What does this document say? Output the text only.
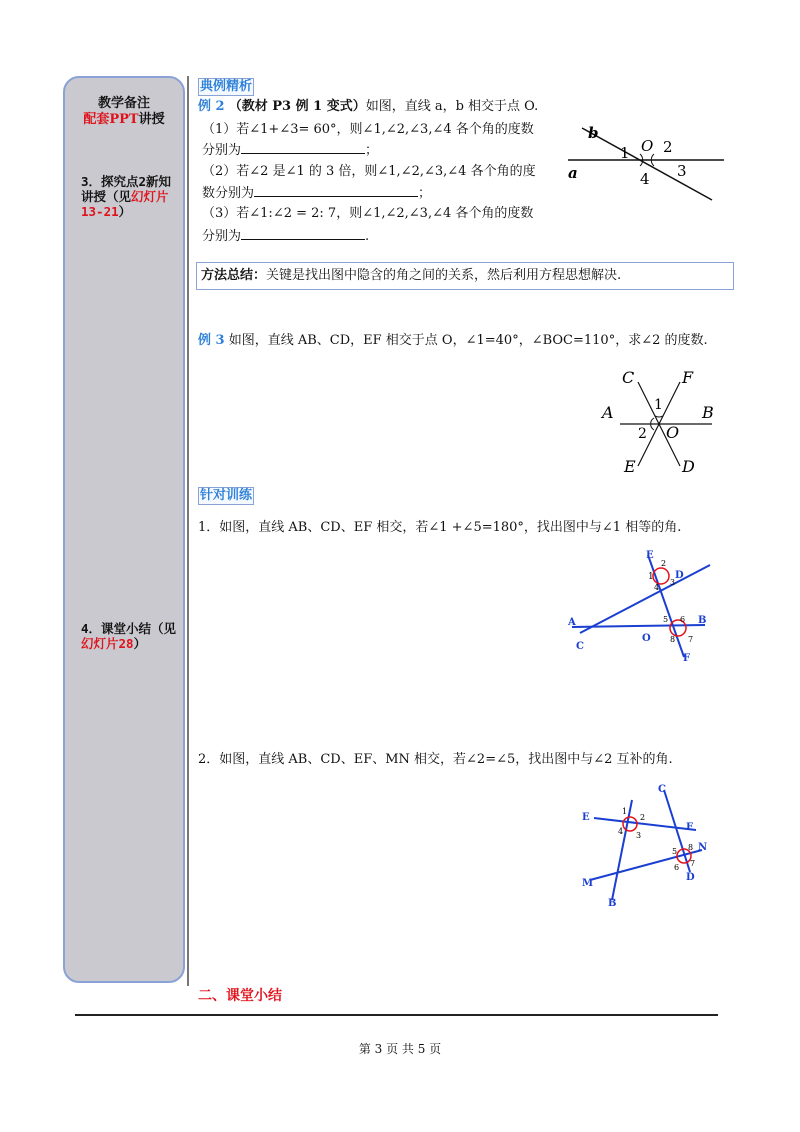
教学备注
配套PPT讲授
3．探究点2新知讲授（见幻灯片13-21）
4．课堂小结（见幻灯片28）
典例精析
例 2 （教材 P3 例 1 变式）如图，直线 a，b 相交于点 O.
（1）若∠1+∠3= 60°，则∠1,∠2,∠3,∠4 各个角的度数
分别为	；
（2）若∠2 是∠1 的 3 倍，则∠1,∠2,∠3,∠4 各个角的度
数分别为	；
（3）若∠1:∠2 = 2: 7，则∠1,∠2,∠3,∠4 各个角的度数
分别为	.
b
a
O
1 2
3
4
方法总结：关键是找出图中隐含的角之间的关系，然后利用方程思想解决.
例 3 如图，直线 AB、CD，EF 相交于点 O，∠1=40°，∠BOC=110°，求∠2 的度数.
C	F
A	B
E	D
O
1
2
针对训练
1．如图，直线 AB、CD、EF 相交，若∠1 +∠5=180°，找出图中与∠1 相等的角.
E
D
A	B
C
O
F
1
2
3
4
5 6
7
8
2．如图，直线 AB、CD、EF、MN 相交，若∠2=∠5，找出图中与∠2 互补的角.
C
E
F
N
D
M
B
1
2
3
4
5
6 7
8
二、课堂小结
第 3 页 共 5 页
